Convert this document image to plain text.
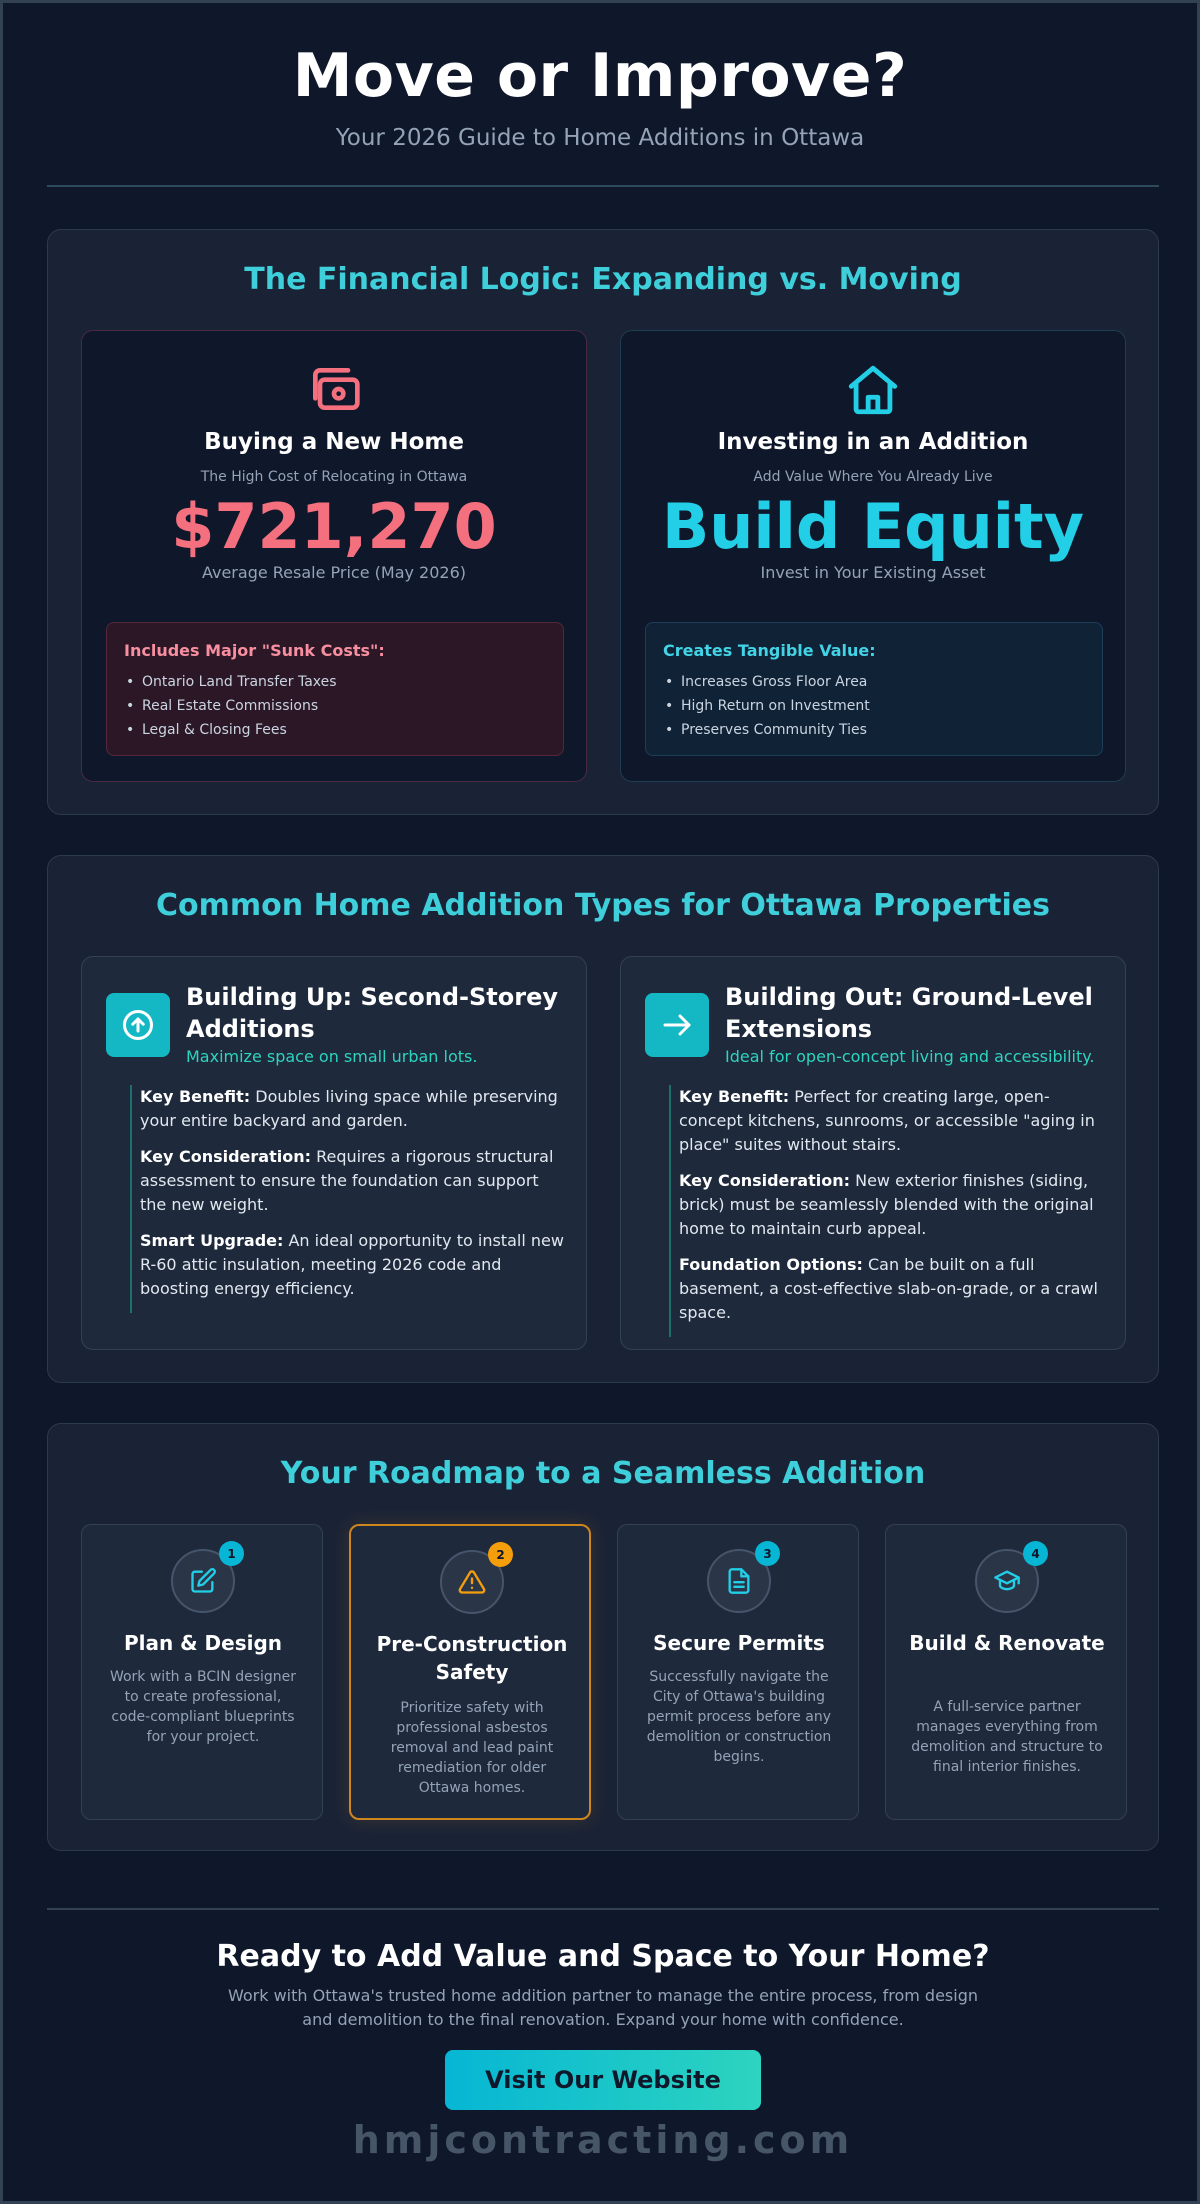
Move or Improve?
Your 2026 Guide to Home Additions in Ottawa
The Financial Logic: Expanding vs. Moving
Buying a New Home
The High Cost of Relocating in Ottawa
$721,270
Average Resale Price (May 2026)
Includes Major "Sunk Costs":
• Ontario Land Transfer Taxes
• Real Estate Commissions
• Legal & Closing Fees
Investing in an Addition
Add Value Where You Already Live
Build Equity
Invest in Your Existing Asset
Creates Tangible Value:
• Increases Gross Floor Area
• High Return on Investment
• Preserves Community Ties
Common Home Addition Types for Ottawa Properties
Building Up: Second-Storey Additions
Maximize space on small urban lots.

Key Benefit: Doubles living space while preserving your entire backyard and garden.

Key Consideration: Requires a rigorous structural assessment to ensure the foundation can support the new weight.

Smart Upgrade: An ideal opportunity to install new R-60 attic insulation, meeting 2026 code and boosting energy efficiency.

Building Out: Ground-Level Extensions
Ideal for open-concept living and accessibility.

Key Benefit: Perfect for creating large, open-concept kitchens, sunrooms, or accessible "aging in place" suites without stairs.

Key Consideration: New exterior finishes (siding, brick) must be seamlessly blended with the original home to maintain curb appeal.

Foundation Options: Can be built on a full basement, a cost-effective slab-on-grade, or a crawl space.

Your Roadmap to a Seamless Addition
1
Plan & Design
Work with a BCIN designer to create professional, code-compliant blueprints for your project.
2
Pre-Construction Safety
Prioritize safety with professional asbestos removal and lead paint remediation for older Ottawa homes.
3
Secure Permits
Successfully navigate the City of Ottawa's building permit process before any demolition or construction begins.
4
Build & Renovate
A full-service partner manages everything from demolition and structure to final interior finishes.
Ready to Add Value and Space to Your Home?
Work with Ottawa's trusted home addition partner to manage the entire process, from design and demolition to the final renovation. Expand your home with confidence.
Visit Our Website
hmjcontracting.com
